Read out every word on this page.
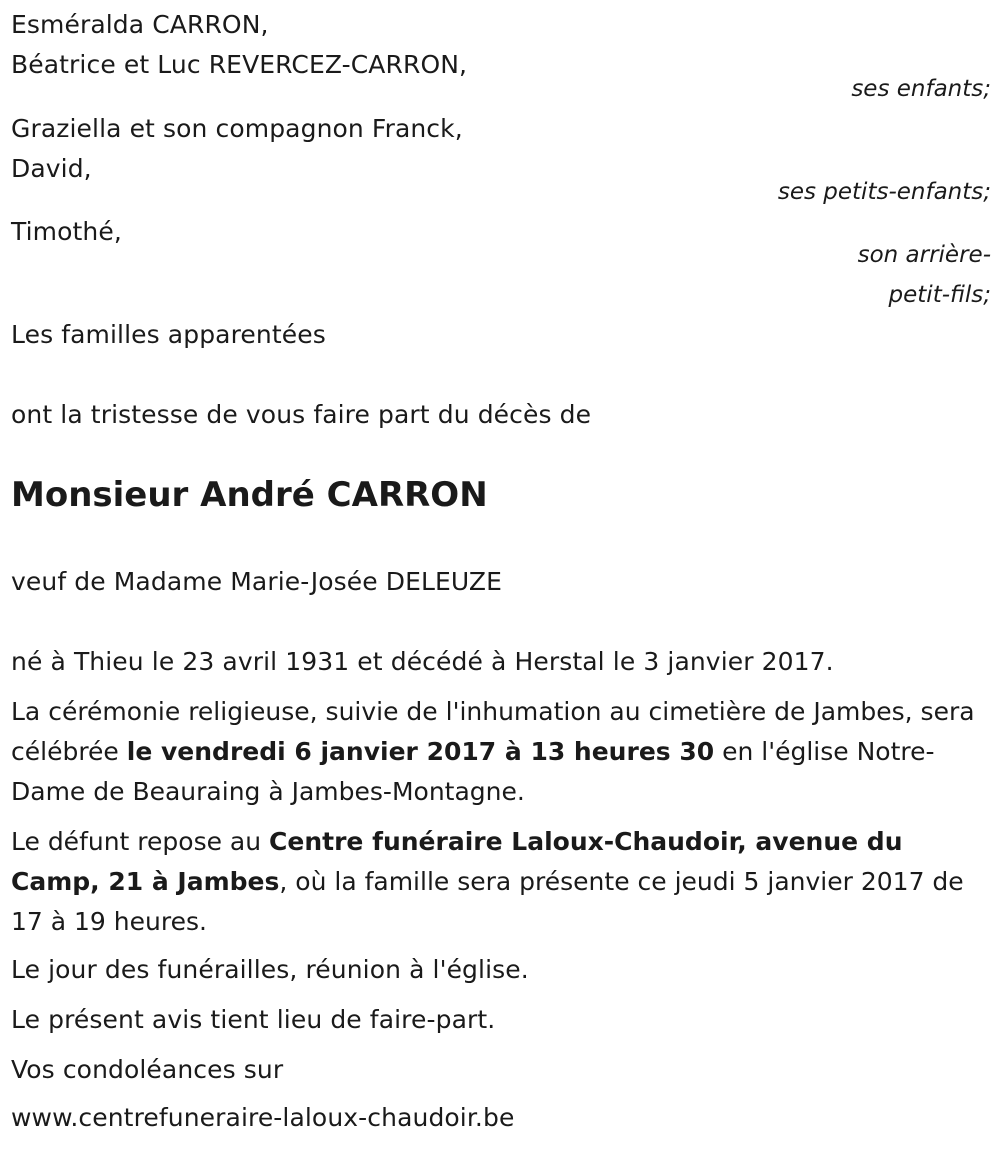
Esméralda CARRON,
Béatrice et Luc REVERCEZ-CARRON,
ses enfants;
Graziella et son compagnon Franck,
David,
ses petits-enfants;
Timothé,
son arrière-
petit-fils;
Les familles apparentées
ont la tristesse de vous faire part du décès de
Monsieur André CARRON
veuf de Madame Marie-Josée DELEUZE
né à Thieu le 23 avril 1931 et décédé à Herstal le 3 janvier 2017.
La cérémonie religieuse, suivie de l'inhumation au cimetière de Jambes, sera célébrée le vendredi 6 janvier 2017 à 13 heures 30 en l'église Notre-Dame de Beauraing à Jambes-Montagne.
Le défunt repose au Centre funéraire Laloux-Chaudoir, avenue du Camp, 21 à Jambes, où la famille sera présente ce jeudi 5 janvier 2017 de 17 à 19 heures.
Le jour des funérailles, réunion à l'église.
Le présent avis tient lieu de faire-part.
Vos condoléances sur
www.centrefuneraire-laloux-chaudoir.be
